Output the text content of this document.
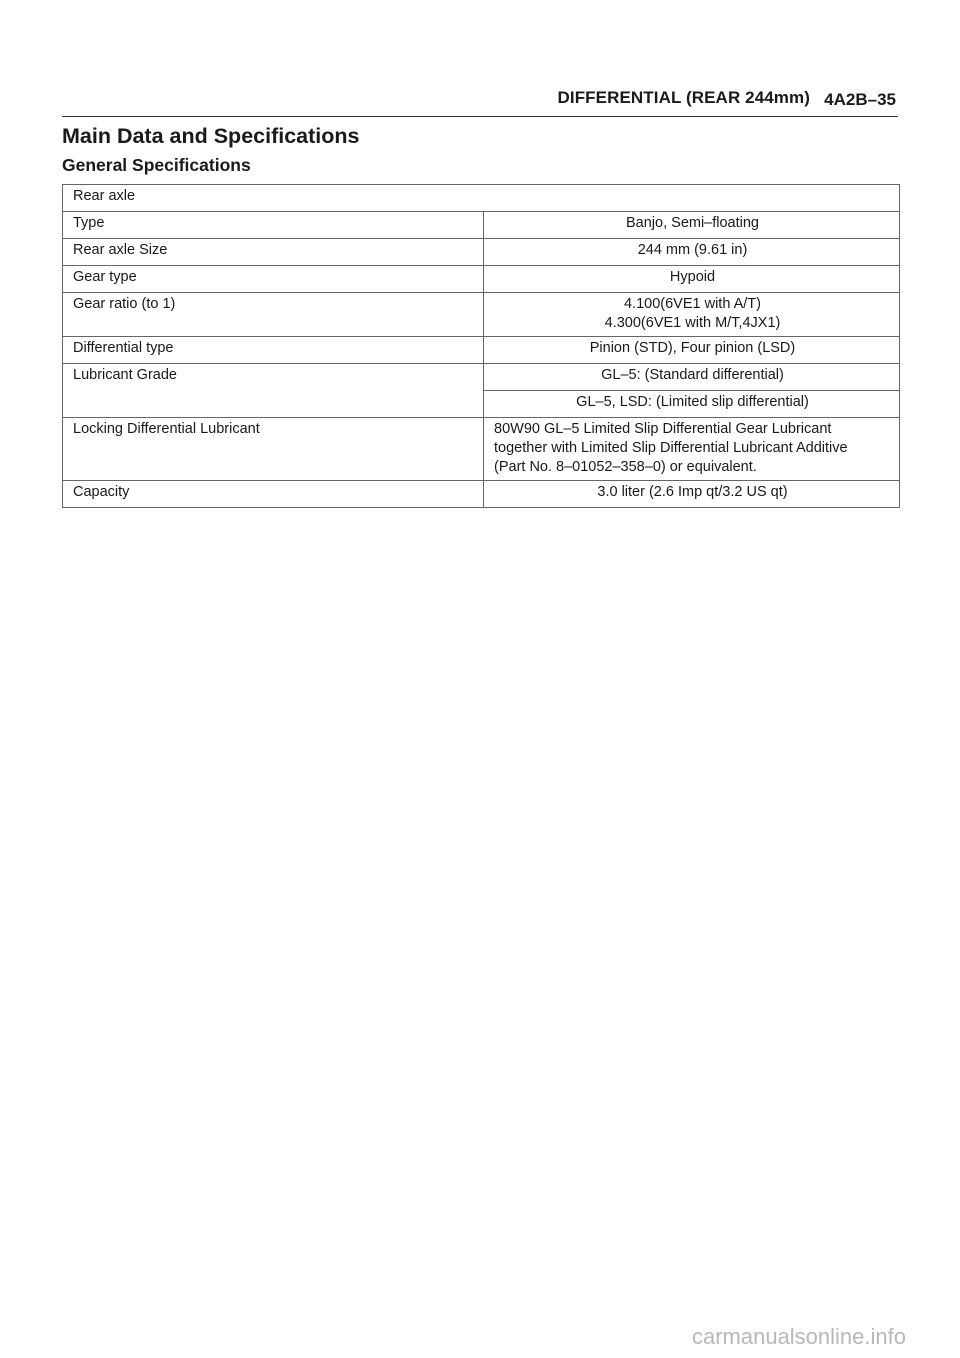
DIFFERENTIAL (REAR 244mm) 4A2B–35
Main Data and Specifications
General Specifications
Rear axle	
Type	Banjo, Semi–floating
Rear axle Size	244 mm (9.61 in)
Gear type	Hypoid
Gear ratio (to 1)	4.100(6VE1 with A/T)
4.300(6VE1 with M/T,4JX1)

Differential type	Pinion (STD), Four pinion (LSD)
Lubricant Grade	GL–5: (Standard differential)
	GL–5, LSD: (Limited slip differential)
Locking Differential Lubricant	80W90 GL–5 Limited Slip Differential Gear Lubricant
together with Limited Slip Differential Lubricant Additive
(Part No. 8–01052–358–0) or equivalent.

Capacity	3.0 liter (2.6 Imp qt/3.2 US qt)
carmanualsonline.info
